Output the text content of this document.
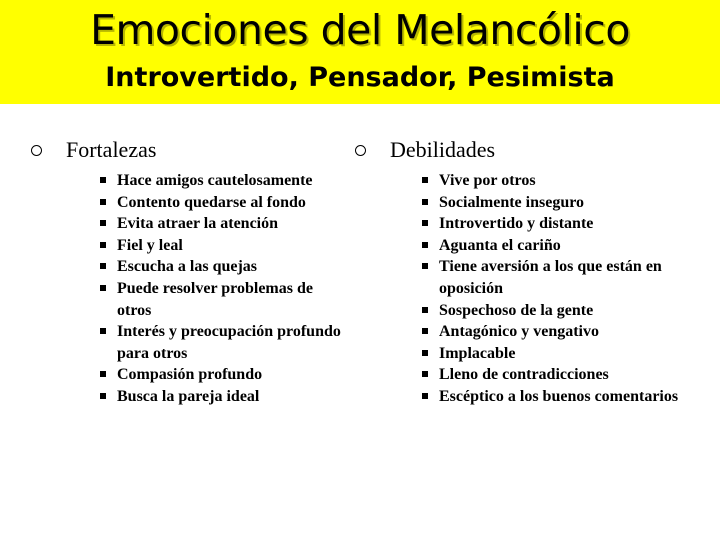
Emociones del Melancólico
Introvertido, Pensador, Pesimista
Fortalezas
Hace amigos cautelosamente
Contento quedarse al fondo
Evita atraer la atención
Fiel y leal
Escucha a las quejas
Puede resolver problemas de otros
Interés y preocupación profundo para otros
Compasión profundo
Busca la pareja ideal
Debilidades
Vive por otros
Socialmente inseguro
Introvertido y distante
Aguanta el cariño
Tiene aversión a los que están en oposición
Sospechoso de la gente
Antagónico y vengativo
Implacable
Lleno de contradicciones
Escéptico a los buenos comentarios
